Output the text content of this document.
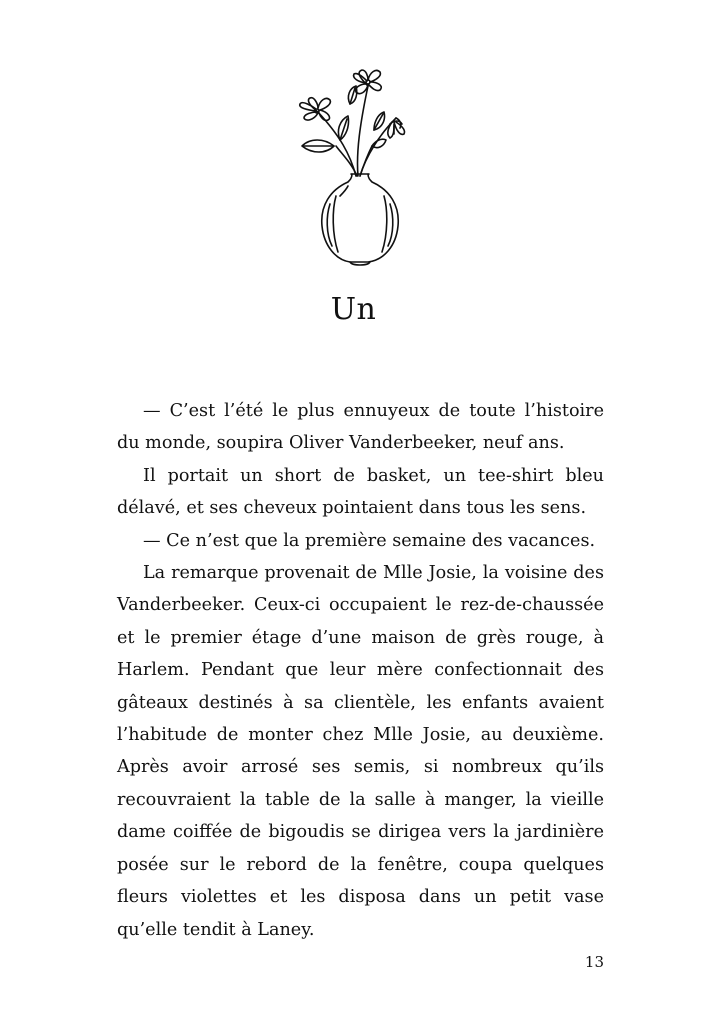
Un

— C’est l’été le plus ennuyeux de toute l’histoire du monde, soupira Oliver Vanderbeeker, neuf ans.

Il portait un short de basket, un tee-shirt bleu délavé, et ses cheveux pointaient dans tous les sens.

— Ce n’est que la première semaine des vacances.

La remarque provenait de Mlle Josie, la voisine des Vanderbeeker. Ceux-ci occupaient le rez-de-chaussée et le premier étage d’une maison de grès rouge, à Harlem. Pendant que leur mère confectionnait des gâteaux destinés à sa clientèle, les enfants avaient l’habitude de monter chez Mlle Josie, au deuxième. Après avoir arrosé ses semis, si nombreux qu’ils recouvraient la table de la salle à manger, la vieille dame coiffée de bigoudis se dirigea vers la jardinière posée sur le rebord de la fenêtre, coupa quelques fleurs violettes et les disposa dans un petit vase qu’elle tendit à Laney.

13
